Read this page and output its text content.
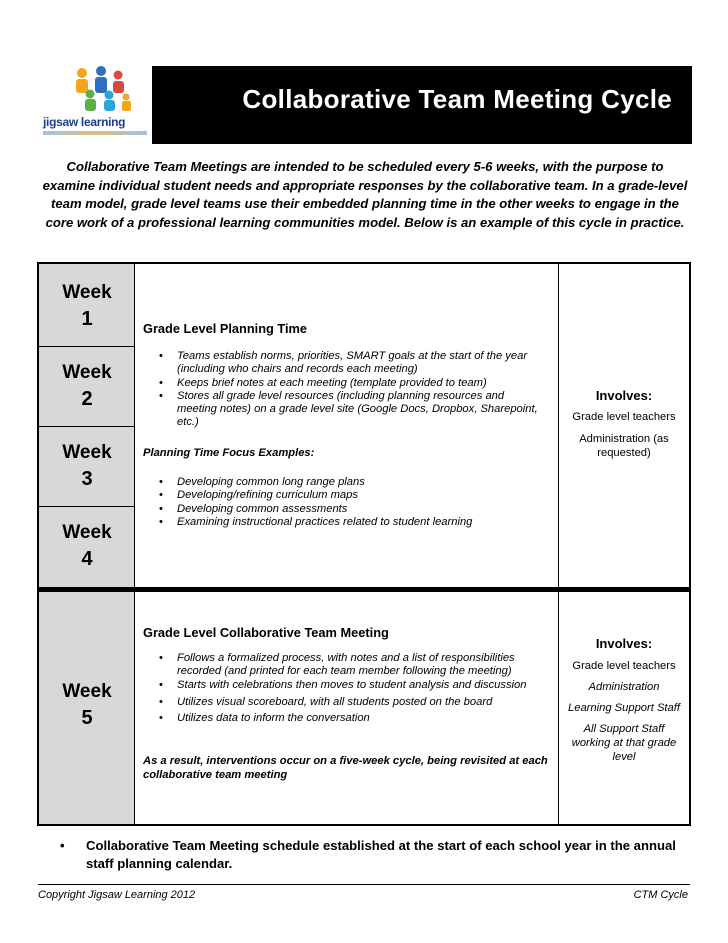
jigsaw learning
Collaborative Team Meeting Cycle
Collaborative Team Meetings are intended to be scheduled every 5-6 weeks, with the purpose to examine individual student needs and appropriate responses by the collaborative team. In a grade-level team model, grade level teams use their embedded planning time in the other weeks to engage in the core work of a professional learning communities model. Below is an example of this cycle in practice.
Week
1
Week
2
Week
3
Week
4
Grade Level Planning Time
• Teams establish norms, priorities, SMART goals at the start of the year (including who chairs and records each meeting)
• Keeps brief notes at each meeting (template provided to team)
• Stores all grade level resources (including planning resources and meeting notes) on a grade level site (Google Docs, Dropbox, Sharepoint, etc.)
Planning Time Focus Examples:
• Developing common long range plans
• Developing/refining curriculum maps
• Developing common assessments
• Examining instructional practices related to student learning
Involves:
Grade level teachers
Administration (as requested)
Week
5
Grade Level Collaborative Team Meeting
• Follows a formalized process, with notes and a list of responsibilities recorded (and printed for each team member following the meeting)
• Starts with celebrations then moves to student analysis and discussion
• Utilizes visual scoreboard, with all students posted on the board
• Utilizes data to inform the conversation
As a result, interventions occur on a five-week cycle, being revisited at each collaborative team meeting
Involves:
Grade level teachers
Administration
Learning Support Staff
All Support Staff working at that grade level
•	Collaborative Team Meeting schedule established at the start of each school year in the annual staff planning calendar.
Copyright Jigsaw Learning 2012	CTM Cycle
